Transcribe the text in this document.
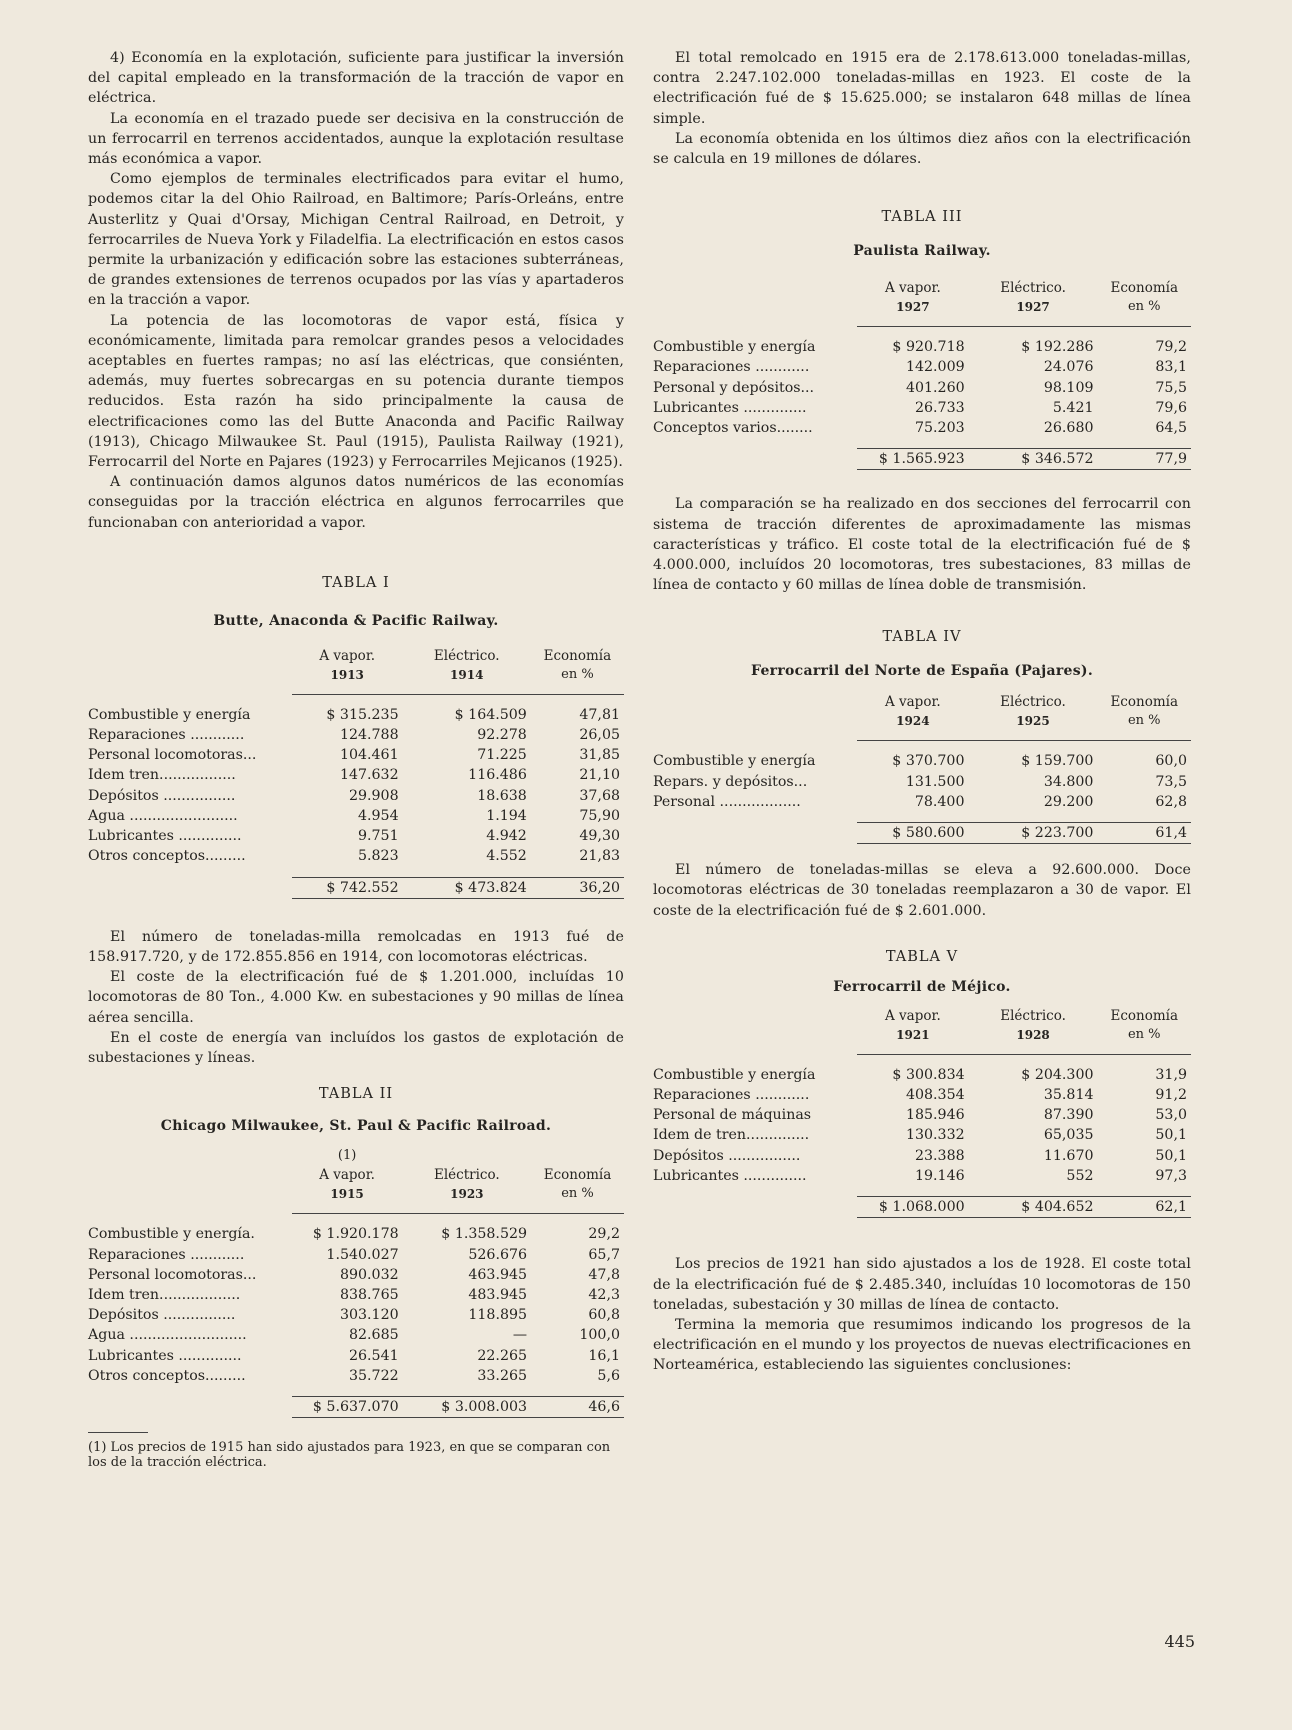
4) Economía en la explotación, suficiente para justificar la inversión del capital empleado en la transformación de la tracción de vapor en eléctrica.

La economía en el trazado puede ser decisiva en la construcción de un ferrocarril en terrenos accidentados, aunque la explotación resultase más económica a vapor.

Como ejemplos de terminales electrificados para evitar el humo, podemos citar la del Ohio Railroad, en Baltimore; París-Orleáns, entre Austerlitz y Quai d'Orsay, Michigan Central Railroad, en Detroit, y ferrocarriles de Nueva York y Filadelfia. La electrificación en estos casos permite la urbanización y edificación sobre las estaciones subterráneas, de grandes extensiones de terrenos ocupados por las vías y apartaderos en la tracción a vapor.

La potencia de las locomotoras de vapor está, física y económicamente, limitada para remolcar grandes pesos a velocidades aceptables en fuertes rampas; no así las eléctricas, que consiénten, además, muy fuertes sobrecargas en su potencia durante tiempos reducidos. Esta razón ha sido principalmente la causa de electrificaciones como las del Butte Anaconda and Pacific Railway (1913), Chicago Milwaukee St. Paul (1915), Paulista Railway (1921), Ferrocarril del Norte en Pajares (1923) y Ferrocarriles Mejicanos (1925).

A continuación damos algunos datos numéricos de las economías conseguidas por la tracción eléctrica en algunos ferrocarriles que funcionaban con anterioridad a vapor.

TABLA I
Butte, Anaconda & Pacific Railway.
	A vapor.	Eléctrico.	Economía
	1913	1914	en %

Combustible y energía	$ 315.235	$ 164.509	47,81
Reparaciones ............	124.788	92.278	26,05
Personal locomotoras...	104.461	71.225	31,85
Idem tren.................	147.632	116.486	21,10
Depósitos ................	29.908	18.638	37,68
Agua ........................	4.954	1.194	75,90
Lubricantes ..............	9.751	4.942	49,30
Otros conceptos.........	5.823	4.552	21,83

	$ 742.552	$ 473.824	36,20

El número de toneladas-milla remolcadas en 1913 fué de 158.917.720, y de 172.855.856 en 1914, con locomotoras eléctricas.

El coste de la electrificación fué de $ 1.201.000, incluídas 10 locomotoras de 80 Ton., 4.000 Kw. en subestaciones y 90 millas de línea aérea sencilla.

En el coste de energía van incluídos los gastos de explotación de subestaciones y líneas.

TABLA II
Chicago Milwaukee, St. Paul & Pacific Railroad.
	(1)		
	A vapor.	Eléctrico.	Economía
	1915	1923	en %

Combustible y energía.	$ 1.920.178	$ 1.358.529	29,2
Reparaciones ............	1.540.027	526.676	65,7
Personal locomotoras...	890.032	463.945	47,8
Idem tren..................	838.765	483.945	42,3
Depósitos ................	303.120	118.895	60,8
Agua ..........................	82.685	—	100,0
Lubricantes ..............	26.541	22.265	16,1
Otros conceptos.........	35.722	33.265	5,6

	$ 5.637.070	$ 3.008.003	46,6
(1) Los precios de 1915 han sido ajustados para 1923, en que se comparan con los de la tracción eléctrica.

El total remolcado en 1915 era de 2.178.613.000 toneladas-millas, contra 2.247.102.000 toneladas-millas en 1923. El coste de la electrificación fué de $ 15.625.000; se instalaron 648 millas de línea simple.

La economía obtenida en los últimos diez años con la electrificación se calcula en 19 millones de dólares.

TABLA III
Paulista Railway.
	A vapor.	Eléctrico.	Economía
	1927	1927	en %

Combustible y energía	$ 920.718	$ 192.286	79,2
Reparaciones ............	142.009	24.076	83,1
Personal y depósitos...	401.260	98.109	75,5
Lubricantes ..............	26.733	5.421	79,6
Conceptos varios........	75.203	26.680	64,5

	$ 1.565.923	$ 346.572	77,9

La comparación se ha realizado en dos secciones del ferrocarril con sistema de tracción diferentes de aproximadamente las mismas características y tráfico. El coste total de la electrificación fué de $ 4.000.000, incluídos 20 locomotoras, tres subestaciones, 83 millas de línea de contacto y 60 millas de línea doble de transmisión.

TABLA IV
Ferrocarril del Norte de España (Pajares).
	A vapor.	Eléctrico.	Economía
	1924	1925	en %

Combustible y energía	$ 370.700	$ 159.700	60,0
Repars. y depósitos...	131.500	34.800	73,5
Personal ..................	78.400	29.200	62,8

	$ 580.600	$ 223.700	61,4

El número de toneladas-millas se eleva a 92.600.000. Doce locomotoras eléctricas de 30 toneladas reemplazaron a 30 de vapor. El coste de la electrificación fué de $ 2.601.000.

TABLA V
Ferrocarril de Méjico.
	A vapor.	Eléctrico.	Economía
	1921	1928	en %

Combustible y energía	$ 300.834	$ 204.300	31,9
Reparaciones ............	408.354	35.814	91,2
Personal de máquinas	185.946	87.390	53,0
Idem de tren..............	130.332	65,035	50,1
Depósitos ................	23.388	11.670	50,1
Lubricantes ..............	19.146	552	97,3

	$ 1.068.000	$ 404.652	62,1

Los precios de 1921 han sido ajustados a los de 1928. El coste total de la electrificación fué de $ 2.485.340, incluídas 10 locomotoras de 150 toneladas, subestación y 30 millas de línea de contacto.

Termina la memoria que resumimos indicando los progresos de la electrificación en el mundo y los proyectos de nuevas electrificaciones en Norteamérica, estableciendo las siguientes conclusiones:

445
